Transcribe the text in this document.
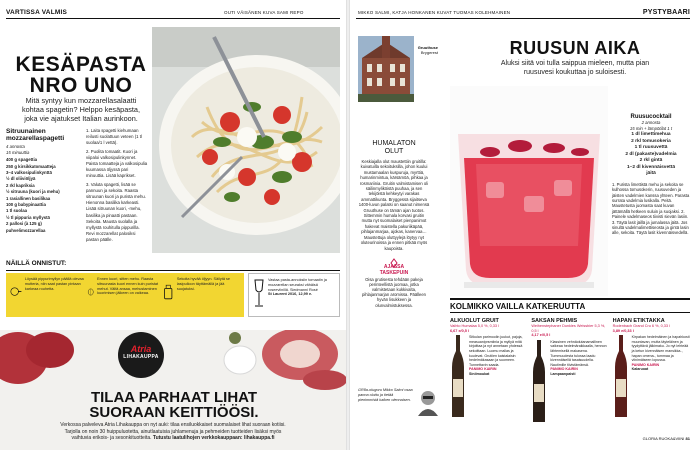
VARTISSA VALMIS	OUTI VÄISÄNEN KUVA SAMI REPO
KESÄPASTA
NRO UNO
Mitä syntyy kun mozzarellasalaatti
kohtaa spagetin? Helppo kesäpasta,
joka vie ajatukset Italian aurinkoon.
Sitruunainen
mozzarellaspagetti
4 annosta
15 minuuttia
400 g spagettia
250 g kirsikkatomaatteja
3–4 valkosipulinkynttä
½ dl oliiviöljyä
2 rkl kapriksia
½ sitruuna (kuori ja mehu)
1 rasiallinen basilikaa
100 g babypinaattia
1 tl suolaa
½ tl pippuria myllystä
2 pallosi (à 125 g)
puhvelimozzarellaa
1. Laita spagetti kiehumaan reilusti suolattuun veteen (1 tl suolaa/1 l vettä).
2. Puolita tomaatit. Kuori ja viipaloi valkosipulinkynnet. Paista tomaatteja ja valkosipulia kuumassa öljyssä pari minuuttia. Lisää kaprikset.
3. Valuta spagetti, lisää se pannuun ja sekoita. Raasta sitruunan kuori ja purista mehu. Hienonna basilika karkeasti. Lisää sitruunan kuori, -mehu, basilika ja pinaatti pastaan. Sekoita. Mausta suolalla ja myllystä rouhitulla pippurilla. Revi mozzarellat palosiksi pastan päälle.
NÄILLÄ ONNISTUT:
Löysää pippurimyllyn päällä olevaa mutteria, niin saat pastan pintaan karkeaa rouhetta.
Ennen kuori, sitten mehu. Raasta sitruunasta kuori ennen kuin puristat mehut. Vältä ansaa, mehustaminen kuorimisen jälkeen on vaikeaa.
Sekoita hyvää öljyyn. Säilytä se lasipulloon täyttämällä ja jää suojatuksi.
Vastaa pasta-annoksiin tomaatin ja mozzarellan seuraksi vähäisä roseeviinillä. Siedmanni Rosé
St Laurent 2016, 12,99 e.
Atria
LIHAKAUPPA
TILAA PARHAAT LIHAT
SUORAAN KEITTIÖÖSI.
Verkossa palveleva Atria Lihakauppa on nyt auki: tilaa ensiluokkaiset suomalaiset lihat suoraan kotiisi.
Tarjolla on noin 30 huippuluotetta, ainutlaatuisia juhlamenuja ja pehmeiden tuotteiden lisäksi myös
vaihtuvia erikois- ja sesonkituotteita. Tutustu laatulihojen verkkokauppaan: lihakauppa.fi
MIKKO SALMI, KATJA HONKANEN KUVAT TUOMAS KOLEHMAINEN	PYSTYBAARI
Gruuthuse
Brygerest
HUMALATON
OLUT
Keskiajalla olut maustettiin gruitilla: kuivatuilla sekoituksilla, johon kuului mustamaalan kuspuruja, myrttiä, humarinmintua, kärsämöä, pihkaa ja rosmariinia. Gruitin valmistamisen oli säilinmyliköistä puuhaa, ja sen tekijöistä kehkeytyi varakas ammattikunta. Bryggessä sijaitseva 1400-luvun palatsi on saanut nimensä Gruuthuse on tämän ajan tuotos. Sittemmin humala korvasi gruitin mutta nyt suomalaiset pienpanimot hakevat maistella pakuriikäpää, pihlajanmarjaa, ajokas, kanervaa… Maustettuja oluttyylejä löytyy nyt oluteurinoissa ja ennen pitkää myös kaupoista.
AJASSA
TASKEPUIN
Oisa grutisesta tehdään pakeja perinteellistä juomaa, jotka valmistetaan kukkivalta, pihlajanmarjan aromissa. Päälleen hyvän lisukkeen ja olunvalmistuksessa.
GR8a-olugoru Mikko Salmi osaa panna oluttu ja tietää pienimmistä kaiken olennaisen.
RUUSUN AIKA
Aluksi siitä voi tulla saippua mieleen, mutta pian
ruusuvesi koukuttaa jo suloisesti.
Ruusucocktail
2 annosta
15 min + lämpötilat 1 t
1 dl limettimehua
2 rkl tomusokeria
1 tl ruusuvettä
2 dl (pakaste)vadelmia
2 rkl gintä
1–2 dl kivennäisvettä
jäitä
1. Purista limettistä mehu ja sekoita se kulhossa tomusokerin, ruusuveden ja jäisten vadelmien kanssa yhteen. Parasta surrata vadelmia lusikalla. Peitä. Maustetusta juomasta saat kuvan jättämällä hetkeen suluin ja suojaksi. 2. Painele vadelmaseos tiivisti sievän lasiin. 3. Täytä lasit jäillä ja jumalassa jäitä. Jos sinultä vadelmalimettiseosta ja gintä lasin alle, sekoita. Täytä lasit kivennäisvedellä.
KOLMIKKO VAILLA KATKERUUTTA
ALKUOLUT GRUIT
Vaihto Humalaa 5,0 %, 0,33 l
6,67 e/0,5 l
Sitkulan parimoolin juukut, pajuja, measuaniprsmiinia ja myllyä mitä kirjoittaa ja nyt annetaan yhdessä sekoittaan. Luomu mallas ja kuulevat. Grutiien kaistalaisin hedelmäkasaan ja suomeen. Tunnettavin saada.
PANIMO KAIRIN
Siniimoukat
SAKSAN PEHMIS
Weihenstephaner Dunkles Weissbier 5,3 %, 0,5 l
4,17 e/0,5 l
Klassinen vehnäolutanamallinen vaikeaa hedelmäraikkaalla, hennon lähtemisellä makasena. Tummuudesta tulossa laadu kivennäisellä tasaisuudella. Nautimille tiivistämänsä.
PANIMO KAIRIN
Lampaanpaisti
HAPAN ETIKTAKKA
Rodenbach Grand Cru 6 %, 0,33 l
3,89 e/0,33 l
Kirpakan hedelmäinen ja hapahkosti muuntavan, mutta täyteläinen ja tyydyttävä jälkimaku. Jo nyt lehteää ja ketun kivennäisen mansikka-, hapan omena-, tummaa ja viinimäiseen lopussa.
PANIMO KAIRIN
Kalaruoat
GLORIA RUOKA&VIINI 81
